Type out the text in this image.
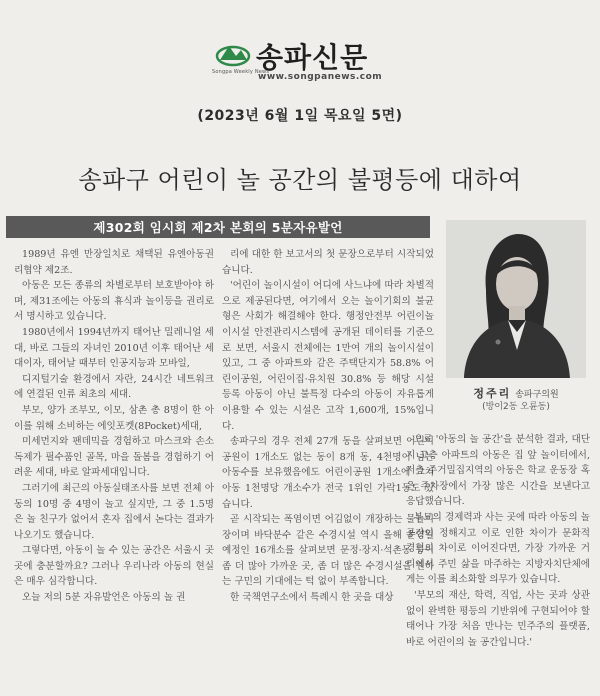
Songpa Weekly News
송파신문
www.songpanews.com
(2023년 6월 1일 목요일 5면)
송파구 어린이 놀 공간의 불평등에 대하여
제302회 임시회 제2차 본회의 5분자유발언

1989년 유엔 만장일치로 채택된 유엔아동권리협약 제2조.

아동은 모든 종류의 차별로부터 보호받아야 하며, 제31조에는 아동의 휴식과 놀이등을 권리로서 명시하고 있습니다.

1980년에서 1994년까지 태어난 밀레니얼 세대, 바로 그들의 자녀인 2010년 이후 태어난 세대이자, 태어날 때부터 인공지능과 모바일,

디지털기술 환경에서 자란, 24시간 네트워크에 연결된 인류 최초의 세대.

부모, 양가 조부모, 이모, 삼촌 총 8명이 한 아이를 위해 소비하는 에잇포켓(8Pocket)세대,

미세먼지와 팬데믹을 경험하고 마스크와 손소독제가 필수품인 골목, 마을 돌봄을 경험하기 어려운 세대, 바로 알파세대입니다.

그러기에 최근의 아동실태조사를 보면 전체 아동의 10명 중 4명이 놀고 싶지만, 그 중 1.5명은 놀 친구가 없어서 혼자 집에서 논다는 결과가 나오기도 했습니다.

그렇다면, 아동이 놀 수 있는 공간은 서울시 곳곳에 충분할까요? 그러나 우리나라 아동의 현실은 매우 심각합니다.

오늘 저의 5분 자유발언은 아동의 놀 권

리에 대한 한 보고서의 첫 문장으로부터 시작되었습니다.

'어린이 놀이시설이 어디에 사느냐에 따라 차별적으로 제공된다면, 여기에서 오는 놀이기회의 불균형은 사회가 해결해야 한다. 행정안전부 어린이놀이시설 안전관리시스템에 공개된 데이터를 기준으로 보면, 서울시 전체에는 1만여 개의 놀이시설이 있고, 그 중 아파트와 같은 주택단지가 58.8% 어린이공원, 어린이집·유치원 30.8% 등 해당 시설 등록 아동이 아닌 불특정 다수의 아동이 자유롭게 이용할 수 있는 시설은 고작 1,600개, 15%입니다.

송파구의 경우 전체 27개 동을 살펴보면 어린이공원이 1개소도 없는 동이 8개 동, 4천명이 넘는 아동수를 보유했음에도 어린이공원 1개소에 그쳐 아동 1천명당 개소수가 전국 1위인 가락1동도 있습니다.

곧 시작되는 폭염이면 어김없이 개장하는 물놀이장이며 바닥분수 같은 수경시설 역시 올해 운영될 예정인 16개소를 살펴보면 문정·장지·석촌동 등이 좀 더 많아 가까운 곳, 좀 더 많은 수경시설을 원하는 구민의 기대에는 턱 없이 부족합니다.

한 국책연구소에서 특례시 한 곳을 대상

정주리 송파구의원
(방이2동 오륜동)

으로 '아동의 놀 공간'을 분석한 결과, 대단지 고층 아파트의 아동은 집 앞 놀이터에서, 저층 주거밀집지역의 아동은 학교 운동장 혹은 주차장에서 가장 많은 시간을 보낸다고 응답했습니다.

부모의 경제력과 사는 곳에 따라 아동의 놀 공간이 정해지고 이로 인한 차이가 문화적 경험의 차이로 이어진다면, 가장 가까운 거리에서 주민 삶을 마주하는 지방자치단체에게는 이를 최소화할 의무가 있습니다.

'부모의 재산, 학력, 직업, 사는 곳과 상관없이 완벽한 평등의 기반위에 구현되어야 할 태어나 가장 처음 만나는 민주주의 플랫폼, 바로 어린이의 놀 공간입니다.'
